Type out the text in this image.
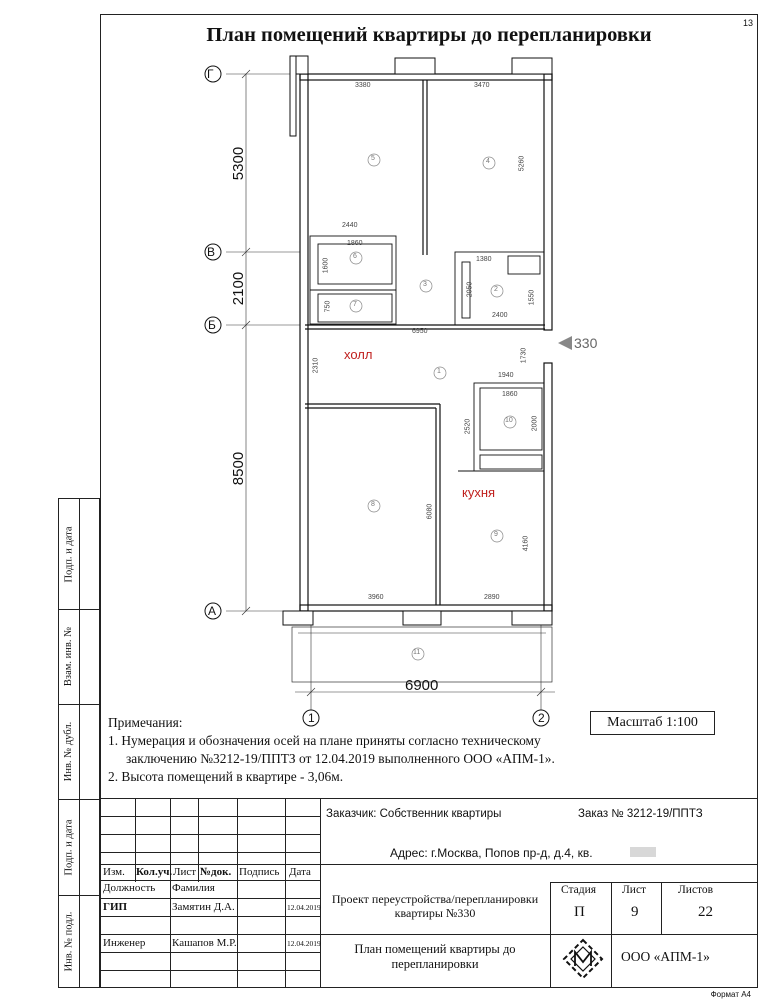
13
План помещений квартиры до перепланировки
Г
В
Б
А
1	2
5300
2100
8500
6900
3380	3470
5260
2440
1860
1600
750
1380
2050
1550
2400
6950
1730
2310
1940
1860
2520	2000
6080
4160
3960	2890
1
2
3
4
5
6
7
8
9
10
11
холл
кухня
330
Подп. и дата
Взам. инв. №
Инв. № дубл.
Подп. и дата
Инв. № подл.
Примечания:
1. Нумерация и обозначения осей на плане приняты согласно техническому
заключению №3212-19/ППТЗ от 12.04.2019 выполненного ООО «АПМ-1».
2. Высота помещений в квартире - 3,06м.
Масштаб 1:100
Заказчик: Собственник квартиры	Заказ № 3212-19/ППТЗ
Адрес: г.Москва, Попов пр-д, д.4, кв.
Изм. Кол.уч. Лист №док. Подпись Дата
Должность Фамилия
ГИП	Замятин Д.А.	12.04.2019
Инженер Кашапов М.Р.	12.04.2019
Проект переустройства/перепланировки квартиры №330
План помещений квартиры до перепланировки
Стадия Лист	Листов
П	9	22
ООО «АПМ-1»
Формат А4
